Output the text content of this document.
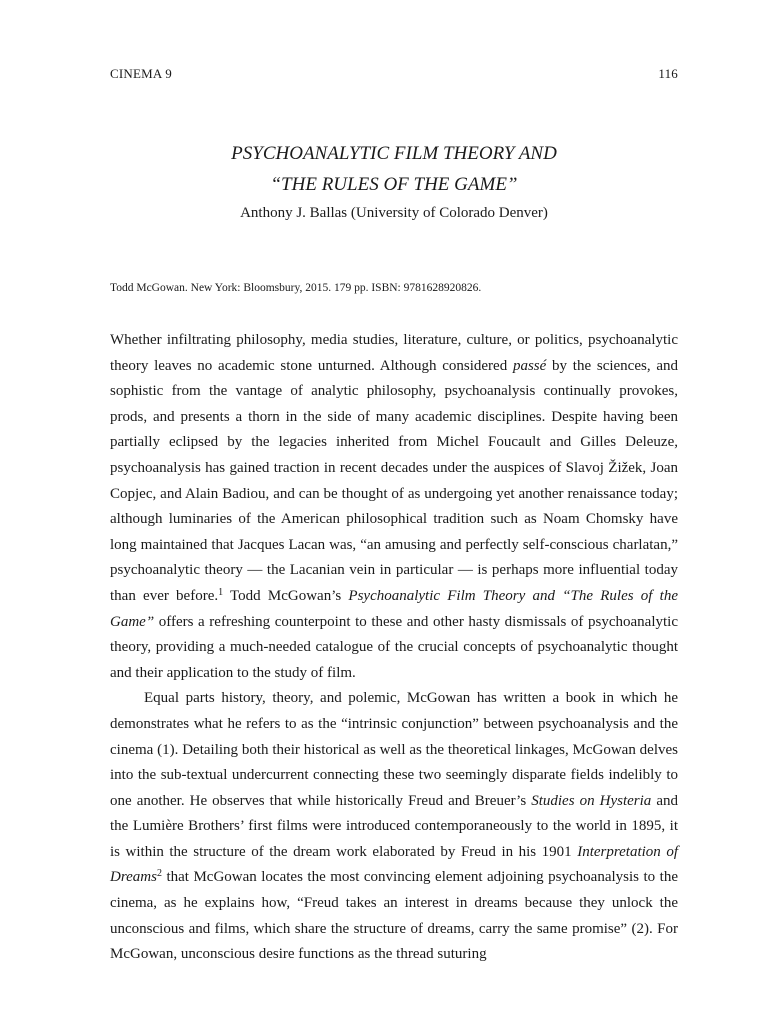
CINEMA 9	116
PSYCHOANALYTIC FILM THEORY AND
“THE RULES OF THE GAME”
Anthony J. Ballas (University of Colorado Denver)
Todd McGowan. New York: Bloomsbury, 2015. 179 pp. ISBN: 9781628920826.

Whether infiltrating philosophy, media studies, literature, culture, or politics, psychoanalytic theory leaves no academic stone unturned. Although considered passé by the sciences, and sophistic from the vantage of analytic philosophy, psychoanalysis continually provokes, prods, and presents a thorn in the side of many academic disciplines. Despite having been partially eclipsed by the legacies inherited from Michel Foucault and Gilles Deleuze, psychoanalysis has gained traction in recent decades under the auspices of Slavoj Žižek, Joan Copjec, and Alain Badiou, and can be thought of as undergoing yet another renaissance today; although luminaries of the American philosophical tradition such as Noam Chomsky have long maintained that Jacques Lacan was, “an amusing and perfectly self-conscious charlatan,” psychoanalytic theory — the Lacanian vein in particular — is perhaps more influential today than ever before.$^1$ Todd McGowan’s Psychoanalytic Film Theory and “The Rules of the Game” offers a refreshing counterpoint to these and other hasty dismissals of psychoanalytic theory, providing a much-needed catalogue of the crucial concepts of psychoanalytic thought and their application to the study of film.

Equal parts history, theory, and polemic, McGowan has written a book in which he demonstrates what he refers to as the “intrinsic conjunction” between psychoanalysis and the cinema (1). Detailing both their historical as well as the theoretical linkages, McGowan delves into the sub-textual undercurrent connecting these two seemingly disparate fields indelibly to one another. He observes that while historically Freud and Breuer’s Studies on Hysteria and the Lumière Brothers’ first films were introduced contemporaneously to the world in 1895, it is within the structure of the dream work elaborated by Freud in his 1901 Interpretation of Dreams$^2$ that McGowan locates the most convincing element adjoining psychoanalysis to the cinema, as he explains how, “Freud takes an interest in dreams because they unlock the unconscious and films, which share the structure of dreams, carry the same promise” (2). For McGowan, unconscious desire functions as the thread suturing
